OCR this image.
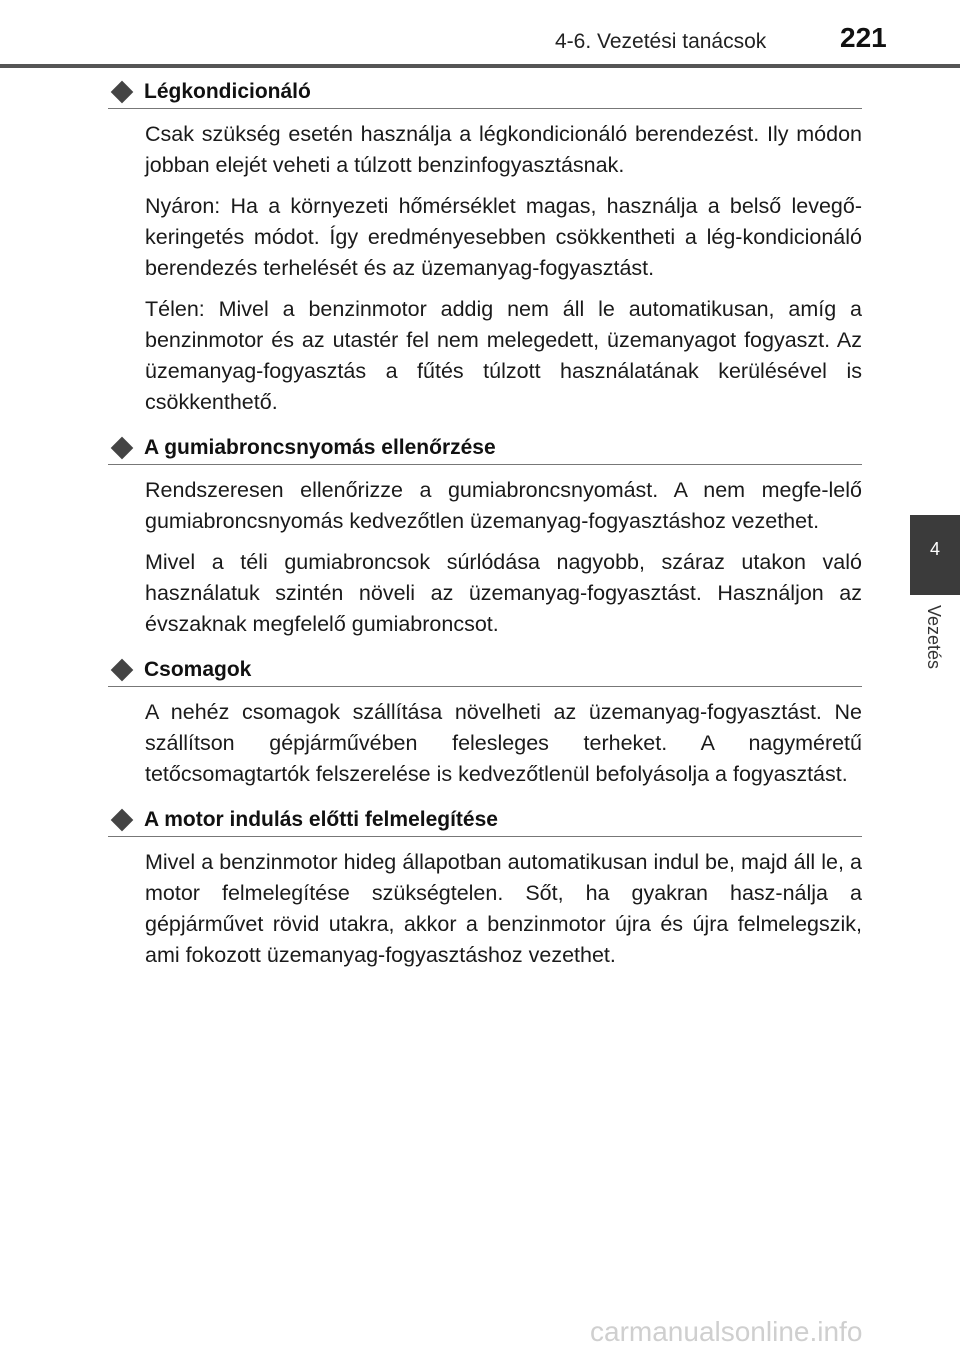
4-6. Vezetési tanácsok	221
4
Vezetés
Légkondicionáló

Csak szükség esetén használja a légkondicionáló berendezést. Ily módon jobban elejét veheti a túlzott benzinfogyasztásnak.

Nyáron: Ha a környezeti hőmérséklet magas, használja a belső levegő-keringetés módot. Így eredményesebben csökkentheti a lég-kondicionáló berendezés terhelését és az üzemanyag-fogyasztást.

Télen: Mivel a benzinmotor addig nem áll le automatikusan, amíg a benzinmotor és az utastér fel nem melegedett, üzemanyagot fogyaszt. Az üzemanyag-fogyasztás a fűtés túlzott használatának kerülésével is csökkenthető.

A gumiabroncsnyomás ellenőrzése

Rendszeresen ellenőrizze a gumiabroncsnyomást. A nem megfe-lelő gumiabroncsnyomás kedvezőtlen üzemanyag-fogyasztáshoz vezethet.

Mivel a téli gumiabroncsok súrlódása nagyobb, száraz utakon való használatuk szintén növeli az üzemanyag-fogyasztást. Használjon az évszaknak megfelelő gumiabroncsot.

Csomagok

A nehéz csomagok szállítása növelheti az üzemanyag-fogyasztást. Ne szállítson gépjárművében felesleges terheket. A nagyméretű tetőcsomagtartók felszerelése is kedvezőtlenül befolyásolja a fogyasztást.

A motor indulás előtti felmelegítése

Mivel a benzinmotor hideg állapotban automatikusan indul be, majd áll le, a motor felmelegítése szükségtelen. Sőt, ha gyakran hasz-nálja a gépjárművet rövid utakra, akkor a benzinmotor újra és újra felmelegszik, ami fokozott üzemanyag-fogyasztáshoz vezethet.

carmanualsonline.info
